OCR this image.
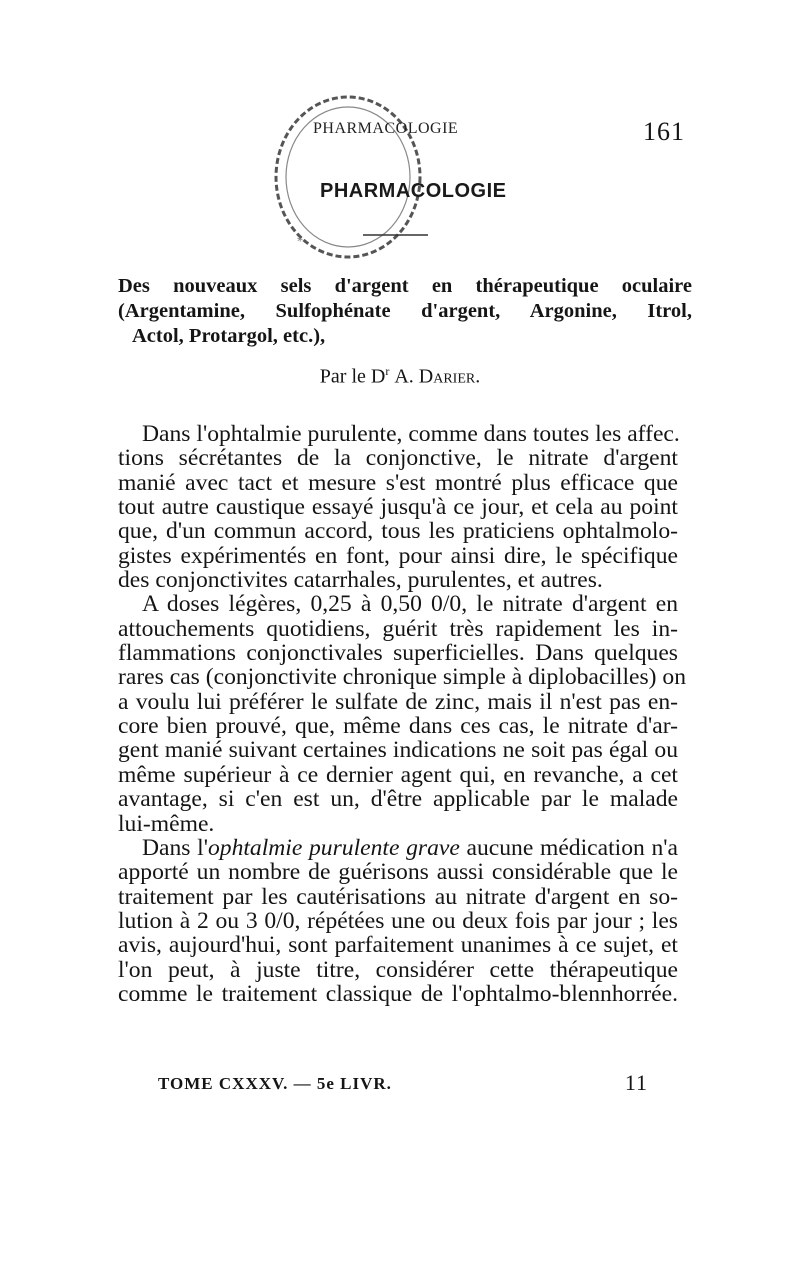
*
PHARMACOLOGIE
PHARMACOLOGIE
161
Des nouveaux sels d'argent en thérapeutique oculaire
(Argentamine, Sulfophénate d'argent, Argonine, Itrol,
Actol, Protargol, etc.),
Par le $D^r$ A. Darier.
Dans l'ophtalmie purulente, comme dans toutes les affec.
tions sécrétantes de la conjonctive, le nitrate d'argent
manié avec tact et mesure s'est montré plus efficace que
tout autre caustique essayé jusqu'à ce jour, et cela au point
que, d'un commun accord, tous les praticiens ophtalmolo-
gistes expérimentés en font, pour ainsi dire, le spécifique
des conjonctivites catarrhales, purulentes, et autres.
A doses légères, 0,25 à 0,50 0/0, le nitrate d'argent en
attouchements quotidiens, guérit très rapidement les in-
flammations conjonctivales superficielles. Dans quelques
rares cas (conjonctivite chronique simple à diplobacilles) on
a voulu lui préférer le sulfate de zinc, mais il n'est pas en-
core bien prouvé, que, même dans ces cas, le nitrate d'ar-
gent manié suivant certaines indications ne soit pas égal ou
même supérieur à ce dernier agent qui, en revanche, a cet
avantage, si c'en est un, d'être applicable par le malade
lui-même.
Dans l'ophtalmie purulente grave aucune médication n'a
apporté un nombre de guérisons aussi considérable que le
traitement par les cautérisations au nitrate d'argent en so-
lution à 2 ou 3 0/0, répétées une ou deux fois par jour ; les
avis, aujourd'hui, sont parfaitement unanimes à ce sujet, et
l'on peut, à juste titre, considérer cette thérapeutique
comme le traitement classique de l'ophtalmo-blennhorrée.
TOME CXXXV. — 5e LIVR.	11
